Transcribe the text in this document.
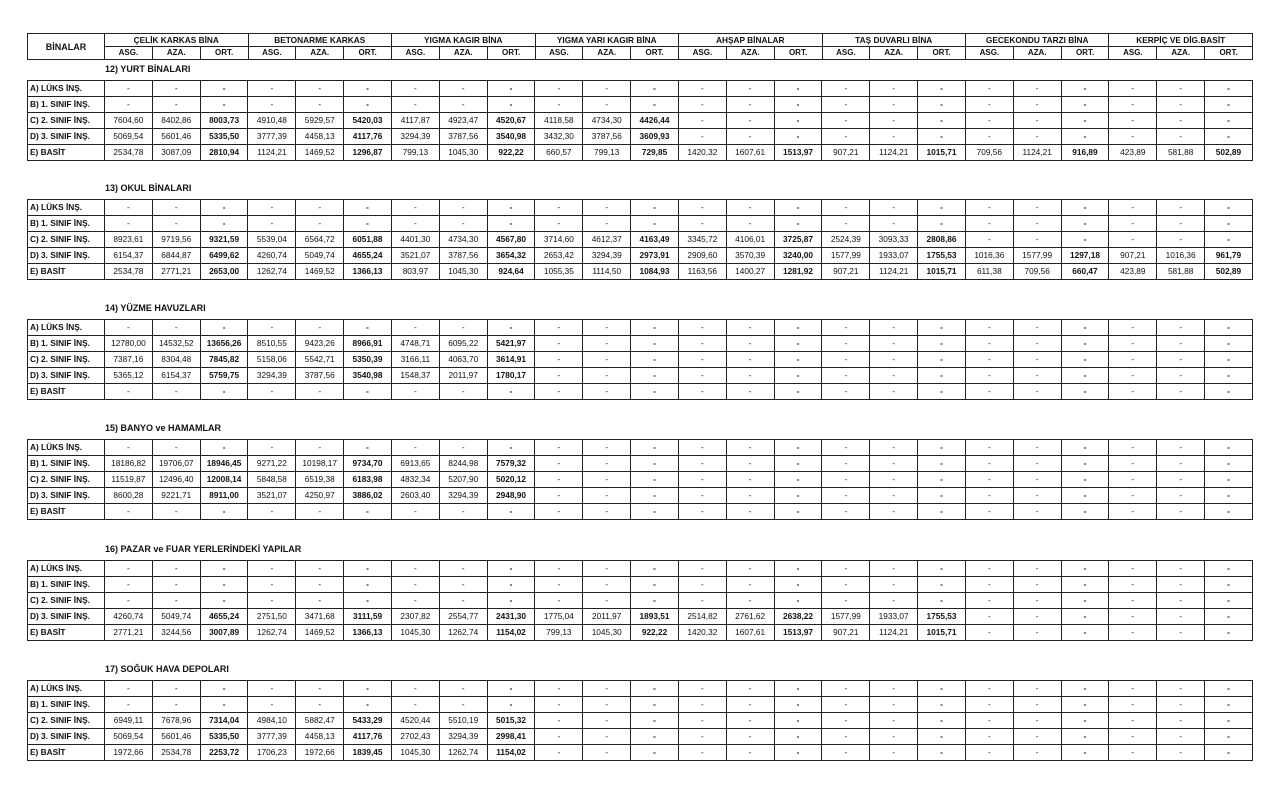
BİNALAR	ÇELİK KARKAS BİNA			BETONARME KARKAS			YIGMA KAGIR BİNA			YIGMA YARI KAGIR BİNA			AHŞAP BİNALAR			TAŞ DUVARLI BİNA			GECEKONDU TARZI BİNA			KERPİÇ VE DİG.BASİT		
	ASG.	AZA.	ORT.	ASG.	AZA.	ORT.	ASG.	AZA.	ORT.	ASG.	AZA.	ORT.	ASG.	AZA.	ORT.	ASG.	AZA.	ORT.	ASG.	AZA.	ORT.	ASG.	AZA.	ORT.
12) YURT BİNALARI
A) LÜKS İNŞ.	-	-	-	-	-	-	-	-	-	-	-	-	-	-	-	-	-	-	-	-	-	-	-	-
B) 1. SINIF İNŞ.	-	-	-	-	-	-	-	-	-	-	-	-	-	-	-	-	-	-	-	-	-	-	-	-
C) 2. SINIF İNŞ.	7604,60	8402,86	8003,73	4910,48	5929,57	5420,03	4117,87	4923,47	4520,67	4118,58	4734,30	4426,44	-	-	-	-	-	-	-	-	-	-	-	-
D) 3. SINIF İNŞ.	5069,54	5601,46	5335,50	3777,39	4458,13	4117,76	3294,39	3787,56	3540,98	3432,30	3787,56	3609,93	-	-	-	-	-	-	-	-	-	-	-	-
E) BASİT	2534,78	3087,09	2810,94	1124,21	1469,52	1296,87	799,13	1045,30	922,22	660,57	799,13	729,85	1420,32	1607,61	1513,97	907,21	1124,21	1015,71	709,56	1124,21	916,89	423,89	581,88	502,89
13) OKUL BİNALARI
A) LÜKS İNŞ.	-	-	-	-	-	-	-	-	-	-	-	-	-	-	-	-	-	-	-	-	-	-	-	-
B) 1. SINIF İNŞ.	-	-	-	-	-	-	-	-	-	-	-	-	-	-	-	-	-	-	-	-	-	-	-	-
C) 2. SINIF İNŞ.	8923,61	9719,56	9321,59	5539,04	6564,72	6051,88	4401,30	4734,30	4567,80	3714,60	4612,37	4163,49	3345,72	4106,01	3725,87	2524,39	3093,33	2808,86	-	-	-	-	-	-
D) 3. SINIF İNŞ.	6154,37	6844,87	6499,62	4260,74	5049,74	4655,24	3521,07	3787,56	3654,32	2653,42	3294,39	2973,91	2909,60	3570,39	3240,00	1577,99	1933,07	1755,53	1016,36	1577,99	1297,18	907,21	1016,36	961,79
E) BASİT	2534,78	2771,21	2653,00	1262,74	1469,52	1366,13	803,97	1045,30	924,64	1055,35	1114,50	1084,93	1163,56	1400,27	1281,92	907,21	1124,21	1015,71	611,38	709,56	660,47	423,89	581,88	502,89
14) YÜZME HAVUZLARI
A) LÜKS İNŞ.	-	-	-	-	-	-	-	-	-	-	-	-	-	-	-	-	-	-	-	-	-	-	-	-
B) 1. SINIF İNŞ.	12780,00	14532,52	13656,26	8510,55	9423,26	8966,91	4748,71	6095,22	5421,97	-	-	-	-	-	-	-	-	-	-	-	-	-	-	-
C) 2. SINIF İNŞ.	7387,16	8304,48	7845,82	5158,06	5542,71	5350,39	3166,11	4063,70	3614,91	-	-	-	-	-	-	-	-	-	-	-	-	-	-	-
D) 3. SINIF İNŞ.	5365,12	6154,37	5759,75	3294,39	3787,56	3540,98	1548,37	2011,97	1780,17	-	-	-	-	-	-	-	-	-	-	-	-	-	-	-
E) BASİT	-	-	-	-	-	-	-	-	-	-	-	-	-	-	-	-	-	-	-	-	-	-	-	-
15) BANYO ve HAMAMLAR
A) LÜKS İNŞ.	-	-	-	-	-	-	-	-	-	-	-	-	-	-	-	-	-	-	-	-	-	-	-	-
B) 1. SINIF İNŞ.	18186,82	19706,07	18946,45	9271,22	10198,17	9734,70	6913,65	8244,98	7579,32	-	-	-	-	-	-	-	-	-	-	-	-	-	-	-
C) 2. SINIF İNŞ.	11519,87	12496,40	12008,14	5848,58	6519,38	6183,98	4832,34	5207,90	5020,12	-	-	-	-	-	-	-	-	-	-	-	-	-	-	-
D) 3. SINIF İNŞ.	8600,28	9221,71	8911,00	3521,07	4250,97	3886,02	2603,40	3294,39	2948,90	-	-	-	-	-	-	-	-	-	-	-	-	-	-	-
E) BASİT	-	-	-	-	-	-	-	-	-	-	-	-	-	-	-	-	-	-	-	-	-	-	-	-
16) PAZAR ve FUAR YERLERİNDEKİ YAPILAR
A) LÜKS İNŞ.	-	-	-	-	-	-	-	-	-	-	-	-	-	-	-	-	-	-	-	-	-	-	-	-
B) 1. SINIF İNŞ.	-	-	-	-	-	-	-	-	-	-	-	-	-	-	-	-	-	-	-	-	-	-	-	-
C) 2. SINIF İNŞ.	-	-	-	-	-	-	-	-	-	-	-	-	-	-	-	-	-	-	-	-	-	-	-	-
D) 3. SINIF İNŞ.	4260,74	5049,74	4655,24	2751,50	3471,68	3111,59	2307,82	2554,77	2431,30	1775,04	2011,97	1893,51	2514,82	2761,62	2638,22	1577,99	1933,07	1755,53	-	-	-	-	-	-
E) BASİT	2771,21	3244,56	3007,89	1262,74	1469,52	1366,13	1045,30	1262,74	1154,02	799,13	1045,30	922,22	1420,32	1607,61	1513,97	907,21	1124,21	1015,71	-	-	-	-	-	-
17) SOĞUK HAVA DEPOLARI
A) LÜKS İNŞ.	-	-	-	-	-	-	-	-	-	-	-	-	-	-	-	-	-	-	-	-	-	-	-	-
B) 1. SINIF İNŞ.	-	-	-	-	-	-	-	-	-	-	-	-	-	-	-	-	-	-	-	-	-	-	-	-
C) 2. SINIF İNŞ.	6949,11	7678,96	7314,04	4984,10	5882,47	5433,29	4520,44	5510,19	5015,32	-	-	-	-	-	-	-	-	-	-	-	-	-	-	-
D) 3. SINIF İNŞ.	5069,54	5601,46	5335,50	3777,39	4458,13	4117,76	2702,43	3294,39	2998,41	-	-	-	-	-	-	-	-	-	-	-	-	-	-	-
E) BASİT	1972,66	2534,78	2253,72	1706,23	1972,66	1839,45	1045,30	1262,74	1154,02	-	-	-	-	-	-	-	-	-	-	-	-	-	-	-
